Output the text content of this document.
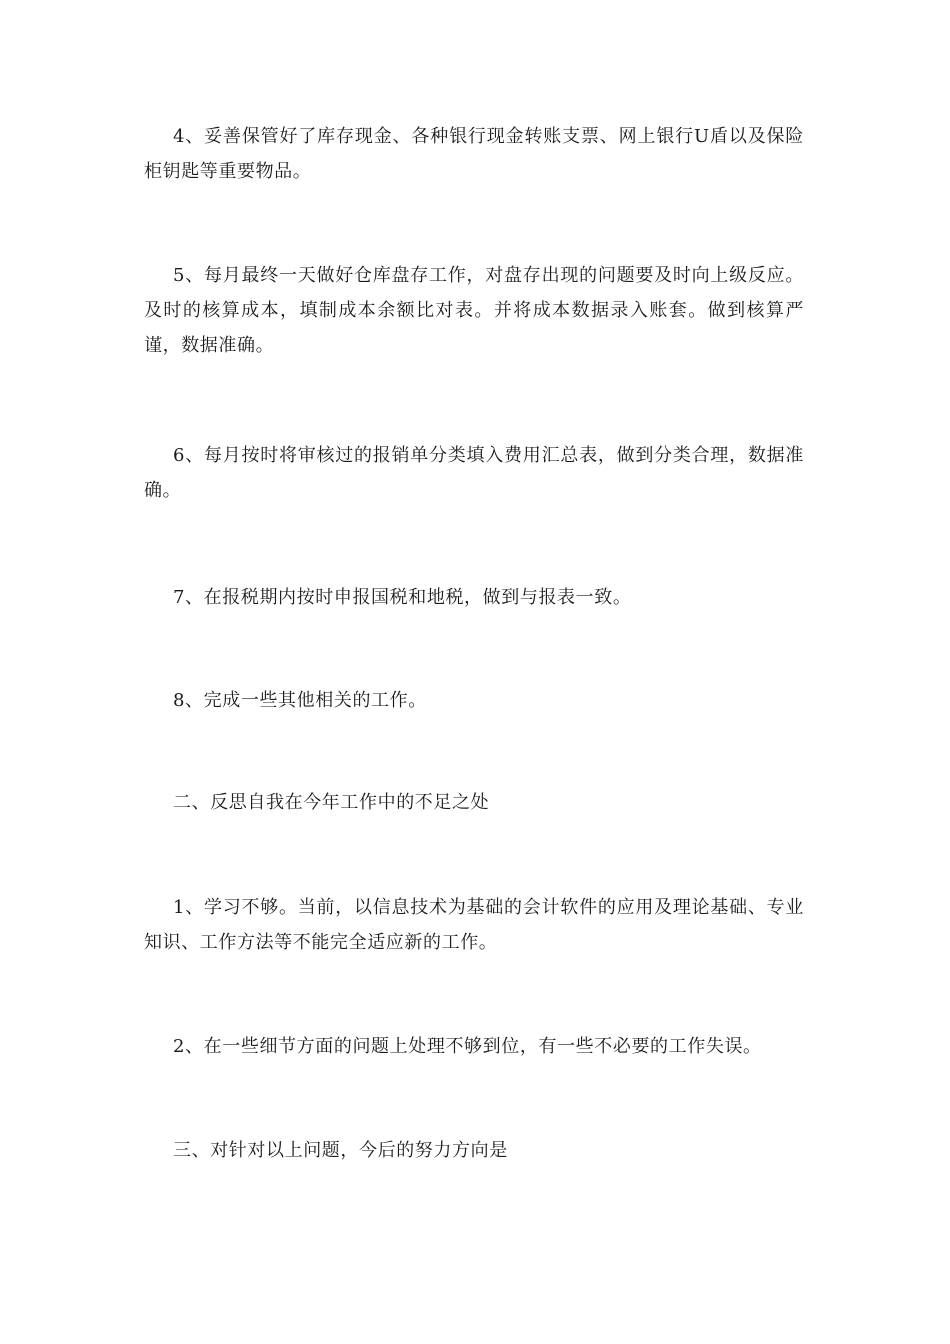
4、妥善保管好了库存现金、各种银行现金转账支票、网上银行U盾以及保险柜钥匙等重要物品。

5、每月最终一天做好仓库盘存工作，对盘存出现的问题要及时向上级反应。及时的核算成本，填制成本余额比对表。并将成本数据录入账套。做到核算严谨，数据准确。

6、每月按时将审核过的报销单分类填入费用汇总表，做到分类合理，数据准确。

7、在报税期内按时申报国税和地税，做到与报表一致。

8、完成一些其他相关的工作。

二、反思自我在今年工作中的不足之处

1、学习不够。当前，以信息技术为基础的会计软件的应用及理论基础、专业知识、工作方法等不能完全适应新的工作。

2、在一些细节方面的问题上处理不够到位，有一些不必要的工作失误。

三、对针对以上问题，今后的努力方向是
